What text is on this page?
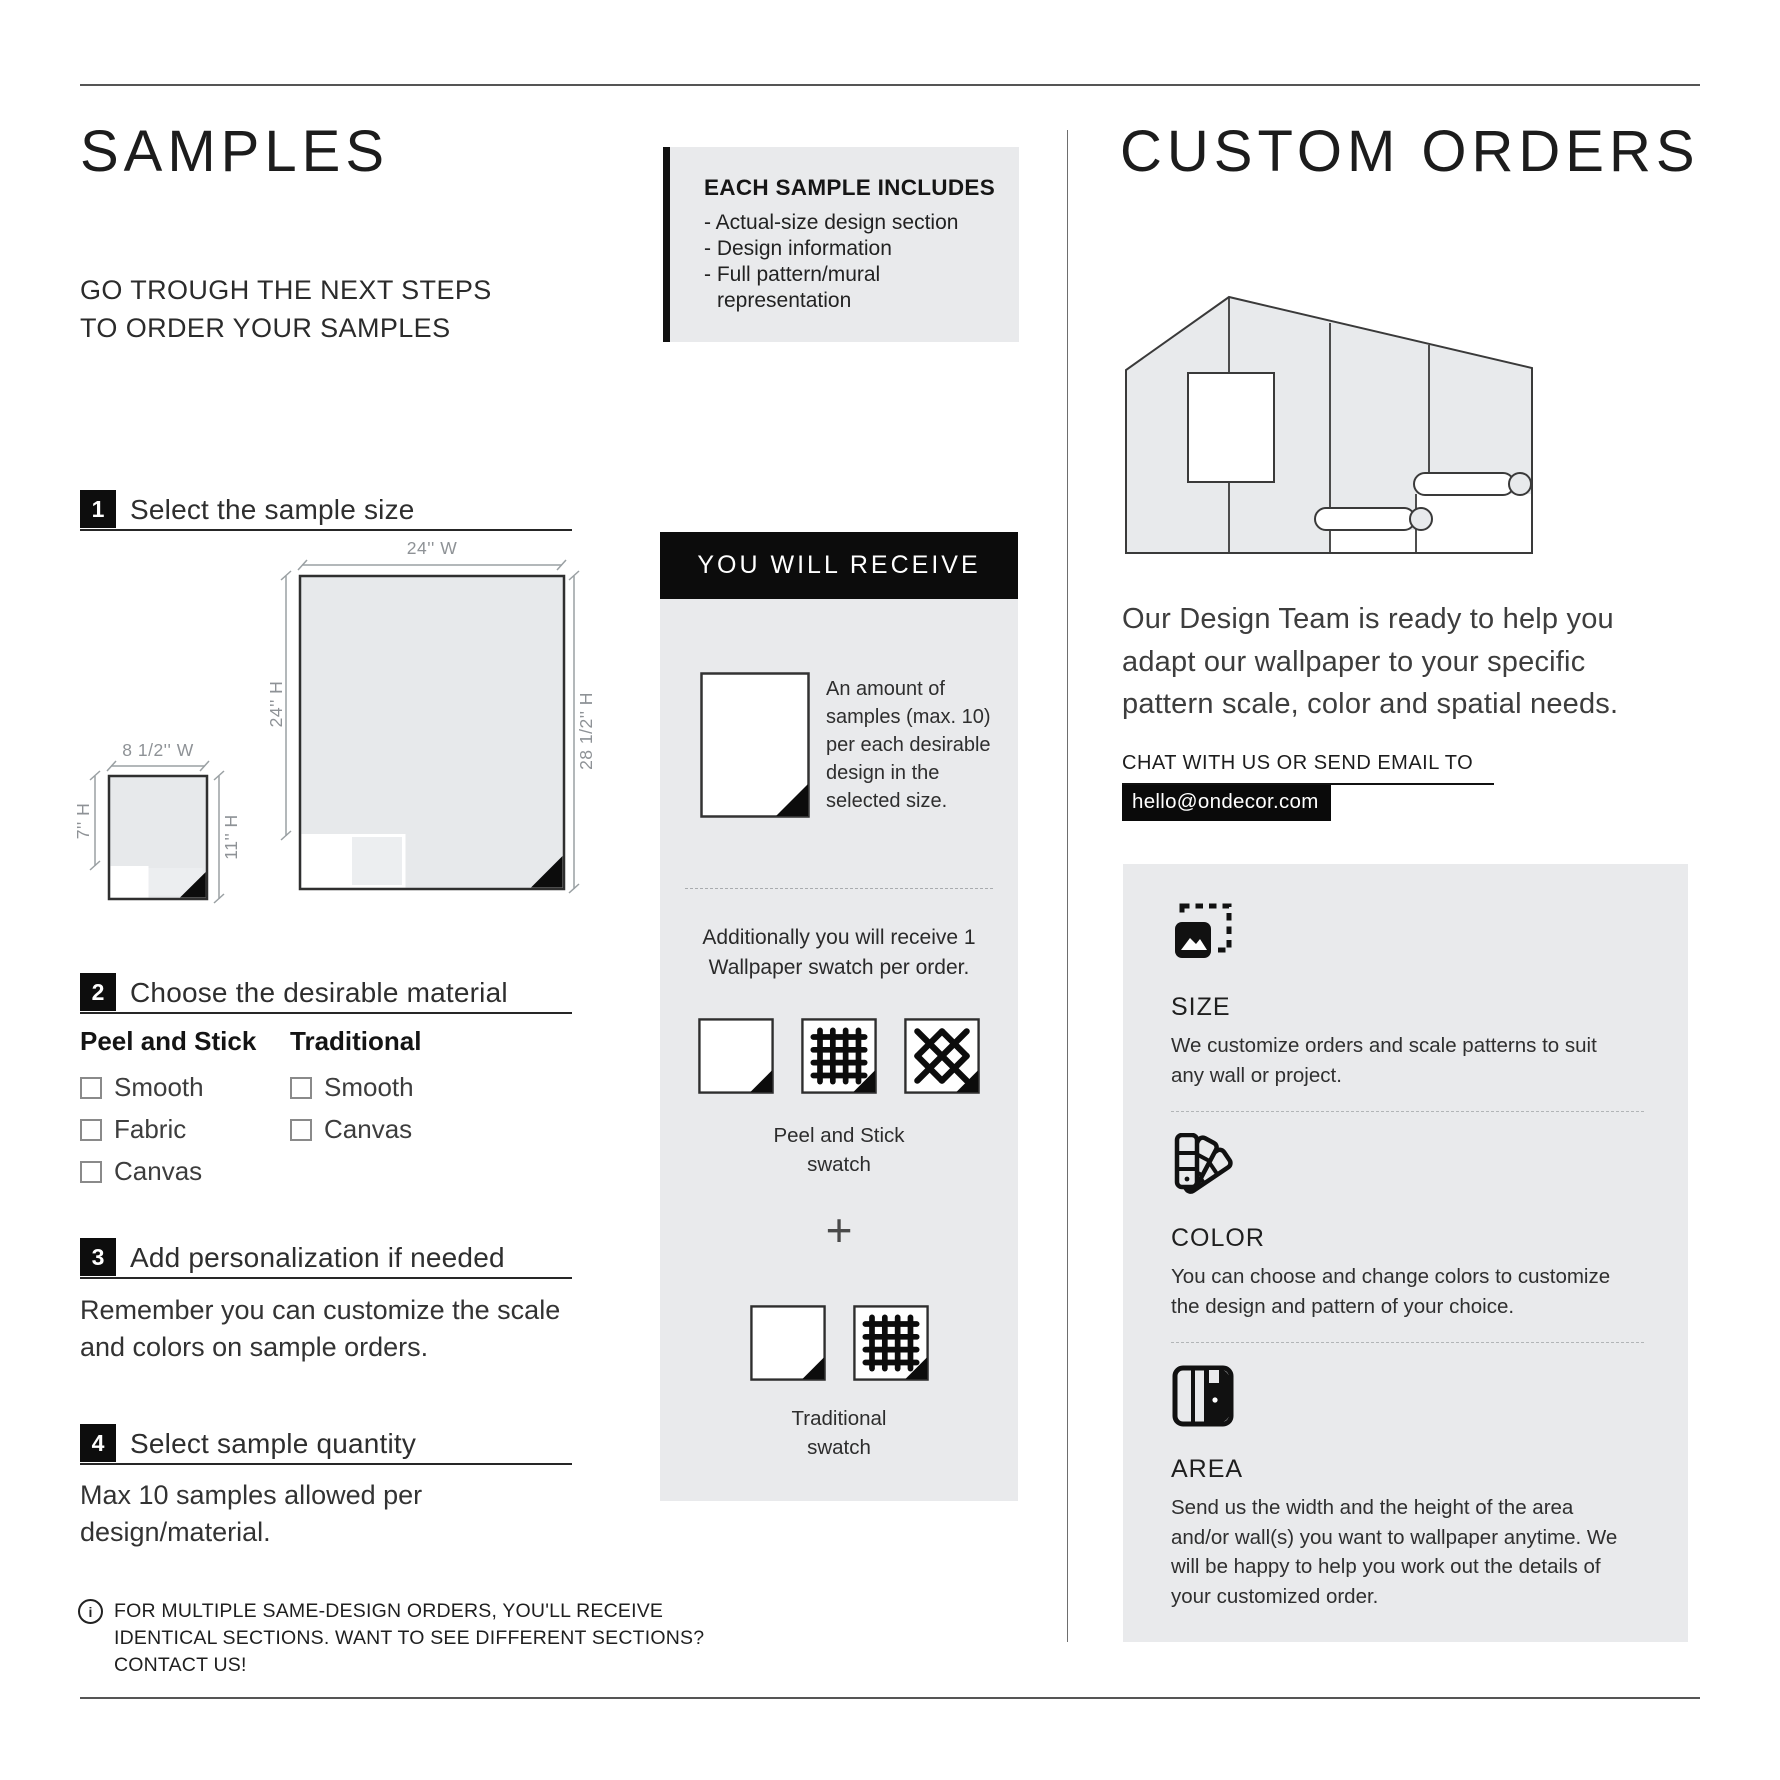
SAMPLES
GO TROUGH THE NEXT STEPS
TO ORDER YOUR SAMPLES
EACH SAMPLE INCLUDES
- Actual-size design section
- Design information
- Full pattern/mural representation
1 Select the sample size
24'' W
24'' H	28 1/2'' H
8 1/2'' W
7'' H	11'' H
2 Choose the desirable material
Peel and Stick
Smooth
Fabric
Canvas
Traditional
Smooth
Canvas
3 Add personalization if needed
Remember you can customize the scale and colors on sample orders.
4 Select sample quantity
Max 10 samples allowed per design/material.
i	FOR MULTIPLE SAME-DESIGN ORDERS, YOU'LL RECEIVE IDENTICAL SECTIONS. WANT TO SEE DIFFERENT SECTIONS? CONTACT US!
YOU WILL RECEIVE
An amount of samples (max. 10) per each desirable design in the selected size.
Additionally you will receive 1 Wallpaper swatch per order.
Peel and Stick
swatch
+
Traditional
swatch
CUSTOM ORDERS
Our Design Team is ready to help you
adapt our wallpaper to your specific
pattern scale, color and spatial needs.
CHAT WITH US OR SEND EMAIL TO
hello@ondecor.com
SIZE
We customize orders and scale patterns to suit any wall or project.
COLOR
You can choose and change colors to customize the design and pattern of your choice.
AREA
Send us the width and the height of the area and/or wall(s) you want to wallpaper anytime. We will be happy to help you work out the details of your customized order.
